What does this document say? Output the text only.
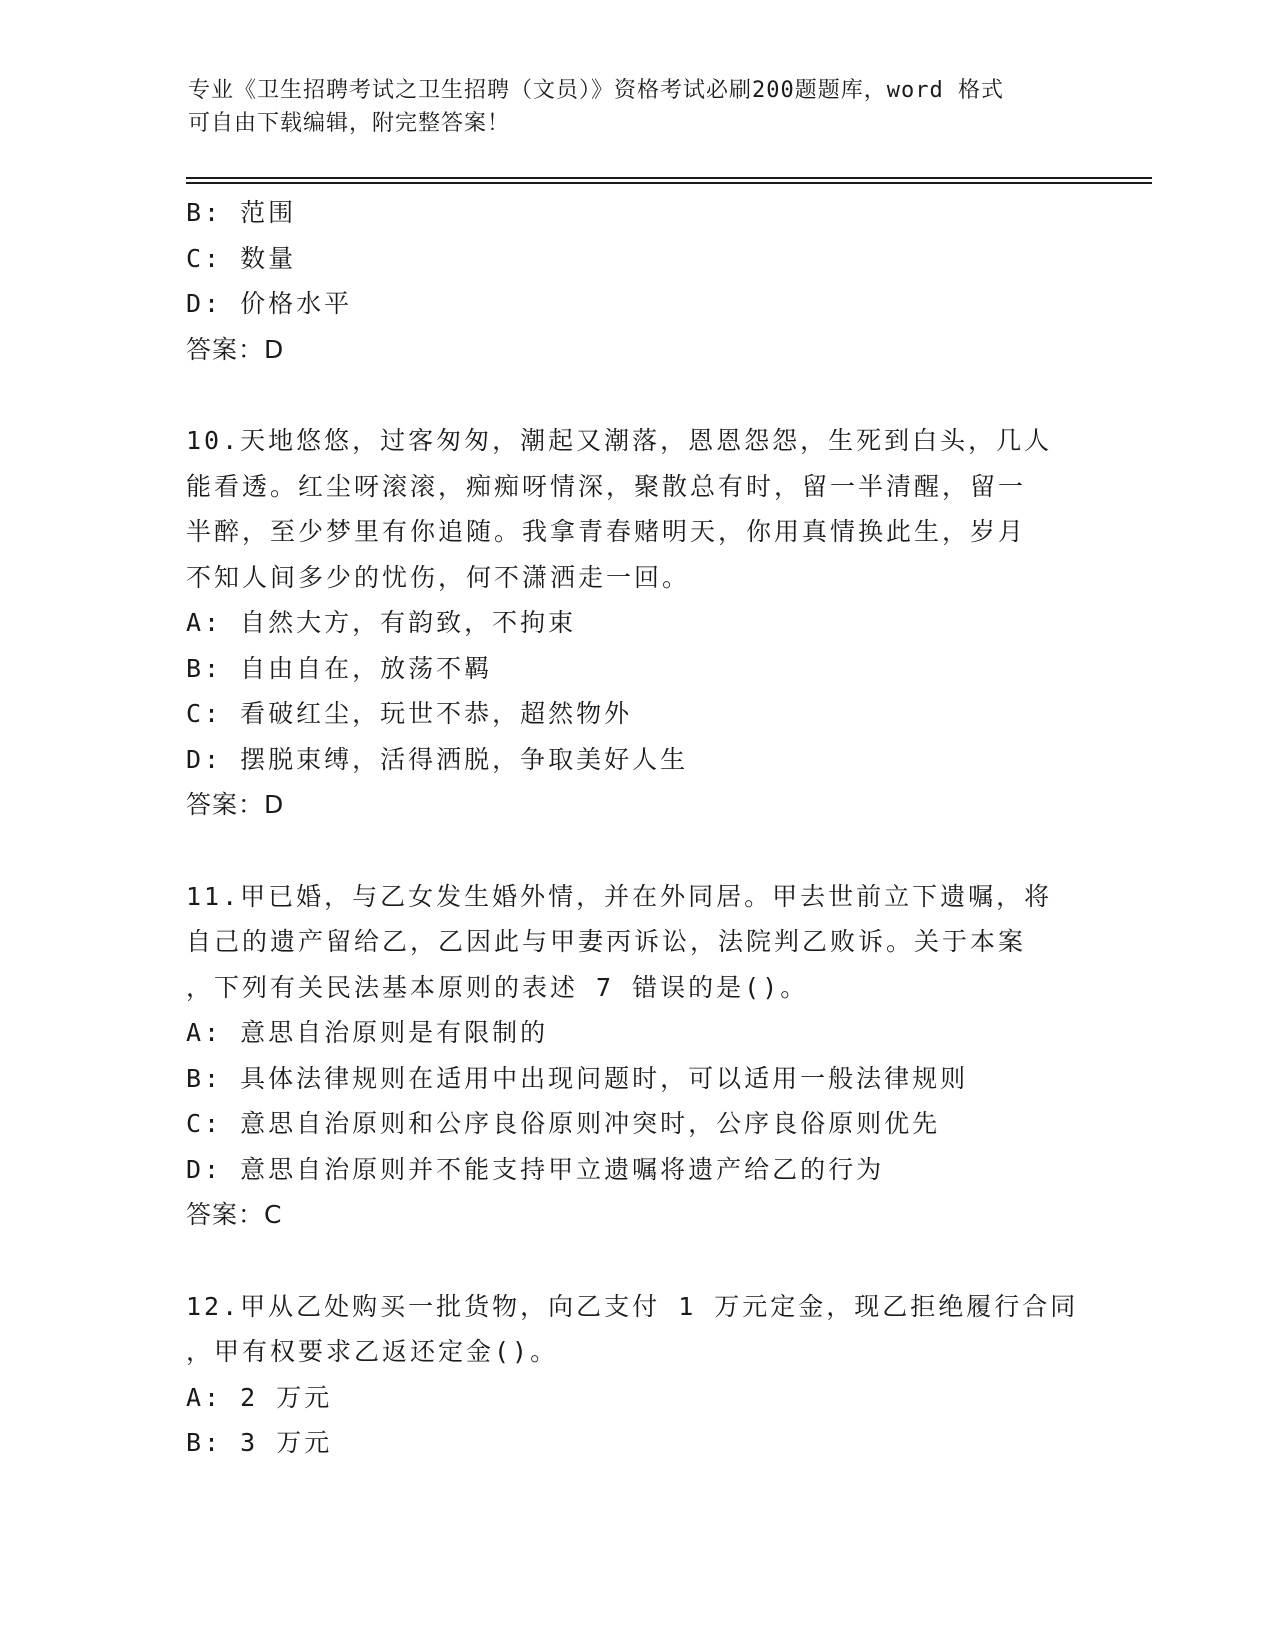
专业《卫生招聘考试之卫生招聘（文员）》资格考试必刷200题题库，word 格式
可自由下载编辑，附完整答案！
B: 范围
C: 数量
D: 价格水平
答案：D
10.天地悠悠，过客匆匆，潮起又潮落，恩恩怨怨，生死到白头，几人
能看透。红尘呀滚滚，痴痴呀情深，聚散总有时，留一半清醒，留一
半醉，至少梦里有你追随。我拿青春赌明天，你用真情换此生，岁月
不知人间多少的忧伤，何不潇洒走一回。
A: 自然大方，有韵致，不拘束
B: 自由自在，放荡不羁
C: 看破红尘，玩世不恭，超然物外
D: 摆脱束缚，活得洒脱，争取美好人生
答案：D
11.甲已婚，与乙女发生婚外情，并在外同居。甲去世前立下遗嘱，将
自己的遗产留给乙，乙因此与甲妻丙诉讼，法院判乙败诉。关于本案
，下列有关民法基本原则的表述 7 错误的是()。
A: 意思自治原则是有限制的
B: 具体法律规则在适用中出现问题时，可以适用一般法律规则
C: 意思自治原则和公序良俗原则冲突时，公序良俗原则优先
D: 意思自治原则并不能支持甲立遗嘱将遗产给乙的行为
答案：C
12.甲从乙处购买一批货物，向乙支付 1 万元定金，现乙拒绝履行合同
，甲有权要求乙返还定金()。
A: 2 万元
B: 3 万元
